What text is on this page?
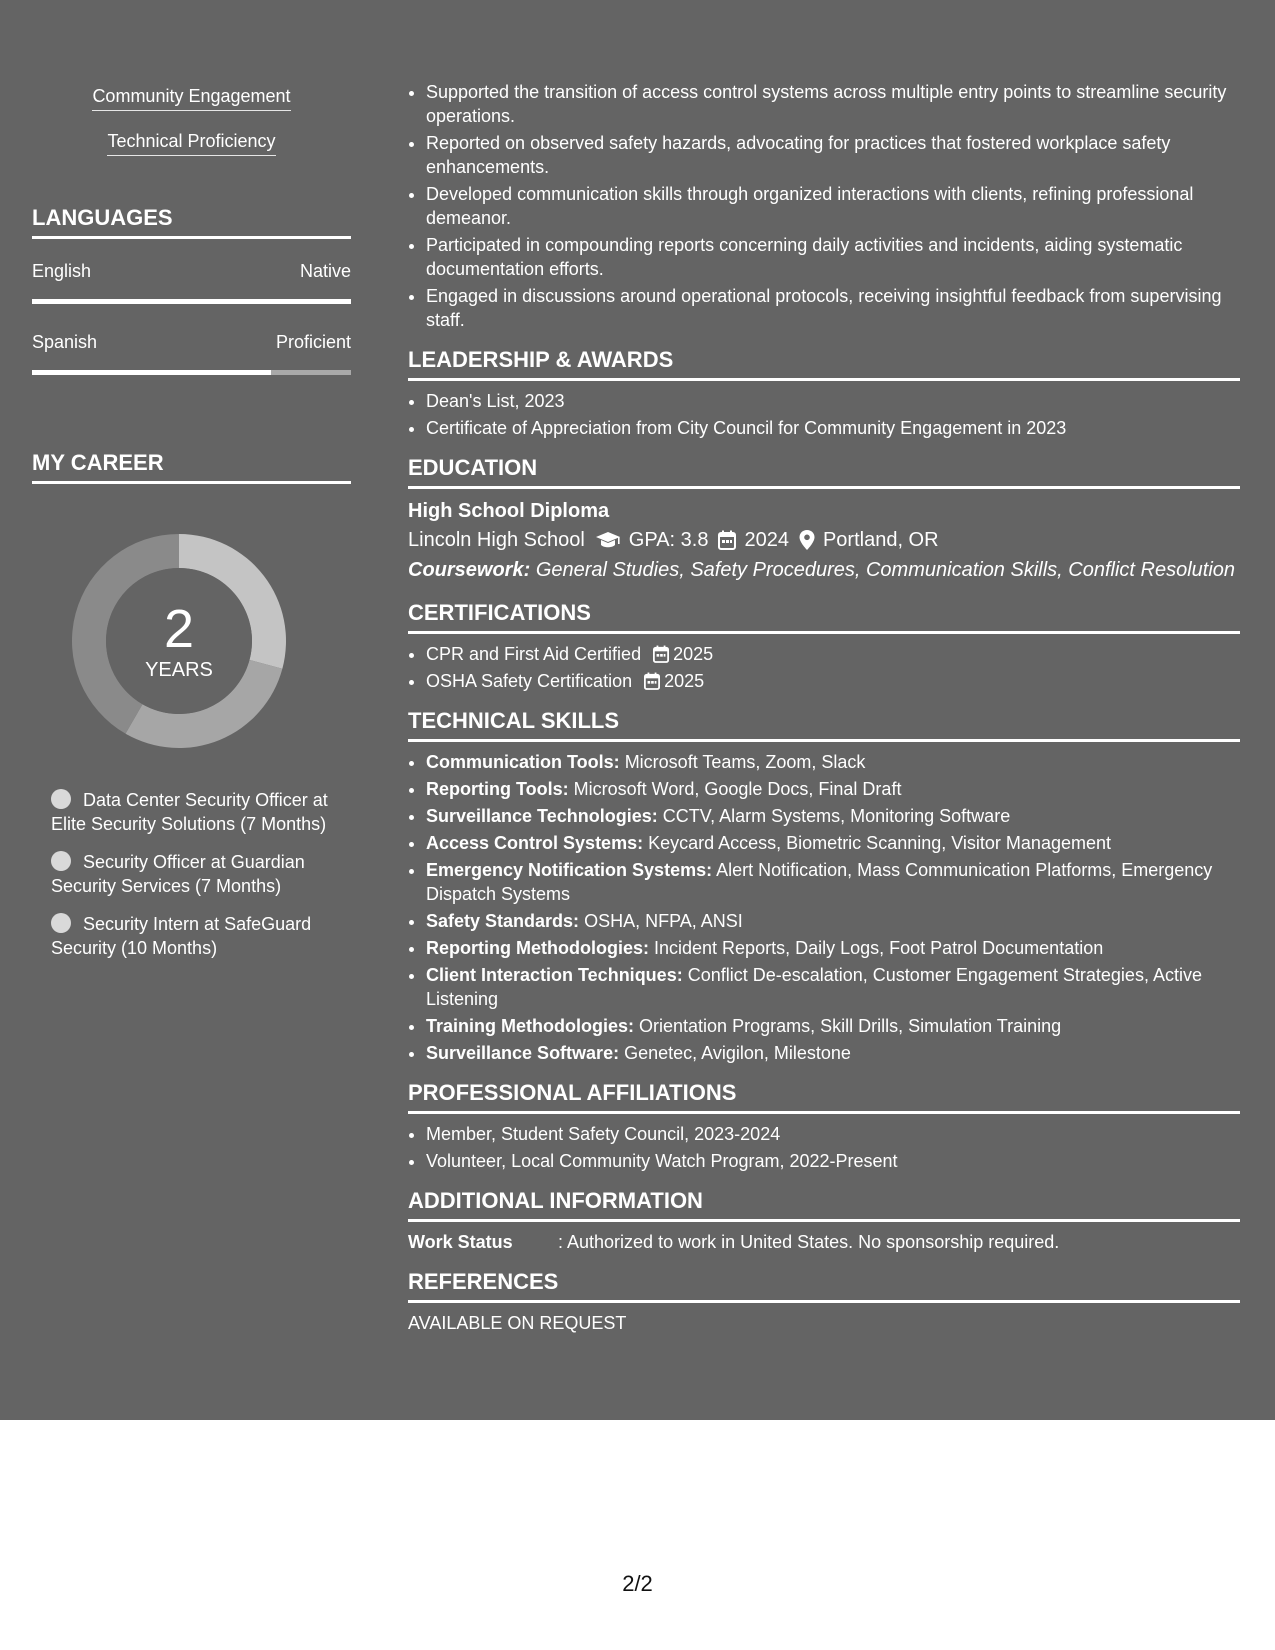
Community Engagement
Technical Proficiency
LANGUAGES
English	Native
Spanish	Proficient
MY CAREER
2
YEARS
Data Center Security Officer at Elite Security Solutions (7 Months)
Security Officer at Guardian Security Services (7 Months)
Security Intern at SafeGuard Security (10 Months)
• Supported the transition of access control systems across multiple entry points to streamline security operations.
• Reported on observed safety hazards, advocating for practices that fostered workplace safety enhancements.
• Developed communication skills through organized interactions with clients, refining professional demeanor.
• Participated in compounding reports concerning daily activities and incidents, aiding systematic documentation efforts.
• Engaged in discussions around operational protocols, receiving insightful feedback from supervising staff.
LEADERSHIP & AWARDS
• Dean's List, 2023
• Certificate of Appreciation from City Council for Community Engagement in 2023
EDUCATION
High School Diploma
Lincoln High School GPA: 3.8 2024 Portland, OR
Coursework: General Studies, Safety Procedures, Communication Skills, Conflict Resolution
CERTIFICATIONS
• CPR and First Aid Certified 2025
• OSHA Safety Certification 2025
TECHNICAL SKILLS
• Communication Tools: Microsoft Teams, Zoom, Slack
• Reporting Tools: Microsoft Word, Google Docs, Final Draft
• Surveillance Technologies: CCTV, Alarm Systems, Monitoring Software
• Access Control Systems: Keycard Access, Biometric Scanning, Visitor Management
• Emergency Notification Systems: Alert Notification, Mass Communication Platforms, Emergency Dispatch Systems
• Safety Standards: OSHA, NFPA, ANSI
• Reporting Methodologies: Incident Reports, Daily Logs, Foot Patrol Documentation
• Client Interaction Techniques: Conflict De-escalation, Customer Engagement Strategies, Active Listening
• Training Methodologies: Orientation Programs, Skill Drills, Simulation Training
• Surveillance Software: Genetec, Avigilon, Milestone
PROFESSIONAL AFFILIATIONS
• Member, Student Safety Council, 2023-2024
• Volunteer, Local Community Watch Program, 2022-Present
ADDITIONAL INFORMATION
Work Status	: Authorized to work in United States. No sponsorship required.
REFERENCES
AVAILABLE ON REQUEST
2/2
